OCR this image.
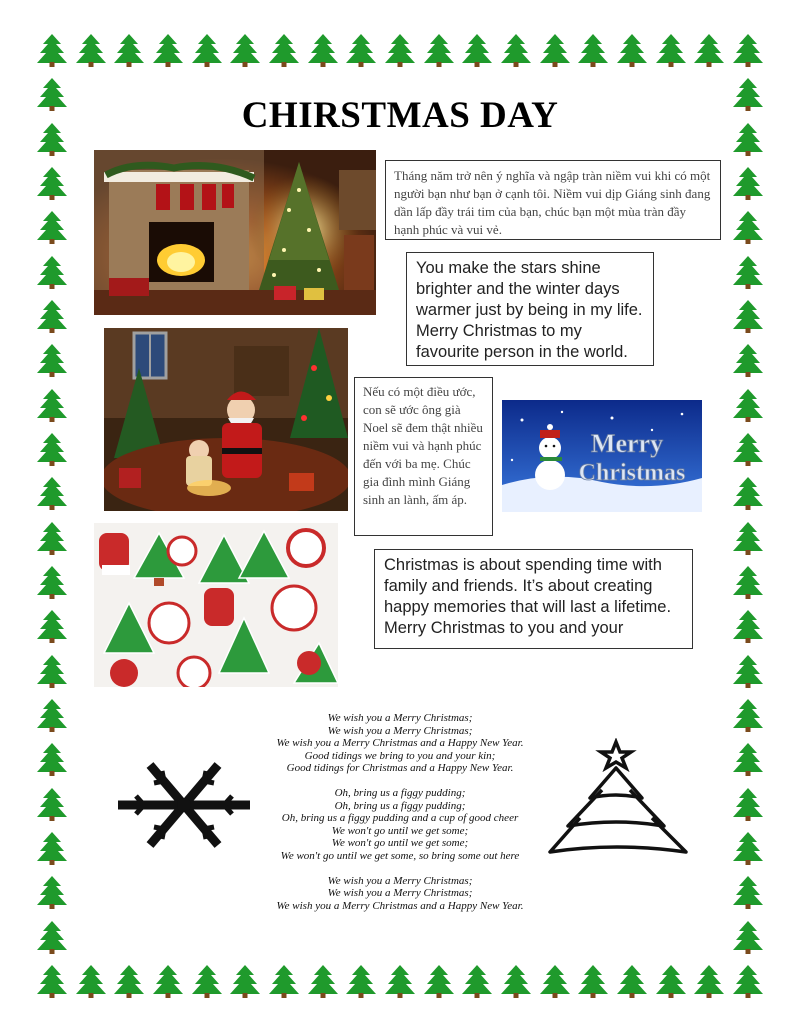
CHIRSTMAS DAY
Tháng năm trở nên ý nghĩa và ngập tràn niềm vui khi có một người bạn như bạn ở cạnh tôi. Niềm vui dịp Giáng sinh đang dần lấp đầy trái tim của bạn, chúc bạn một mùa tràn đầy hạnh phúc và vui vẻ.
You make the stars shine brighter and the winter days warmer just by being in my life. Merry Christmas to my favourite person in the world.
Nếu có một điều ước, con sẽ ước ông già Noel sẽ đem thật nhiều niềm vui và hạnh phúc đến với ba mẹ. Chúc gia đình mình Giáng sinh an lành, ấm áp.
Merry
Christmas
Christmas is about spending time with family and friends. It’s about creating happy memories that will last a lifetime. Merry Christmas to you and your
We wish you a Merry Christmas;
We wish you a Merry Christmas;
We wish you a Merry Christmas and a Happy New Year.
Good tidings we bring to you and your kin;
Good tidings for Christmas and a Happy New Year.
Oh, bring us a figgy pudding;
Oh, bring us a figgy pudding;
Oh, bring us a figgy pudding and a cup of good cheer
We won't go until we get some;
We won't go until we get some;
We won't go until we get some, so bring some out here
We wish you a Merry Christmas;
We wish you a Merry Christmas;
We wish you a Merry Christmas and a Happy New Year.
